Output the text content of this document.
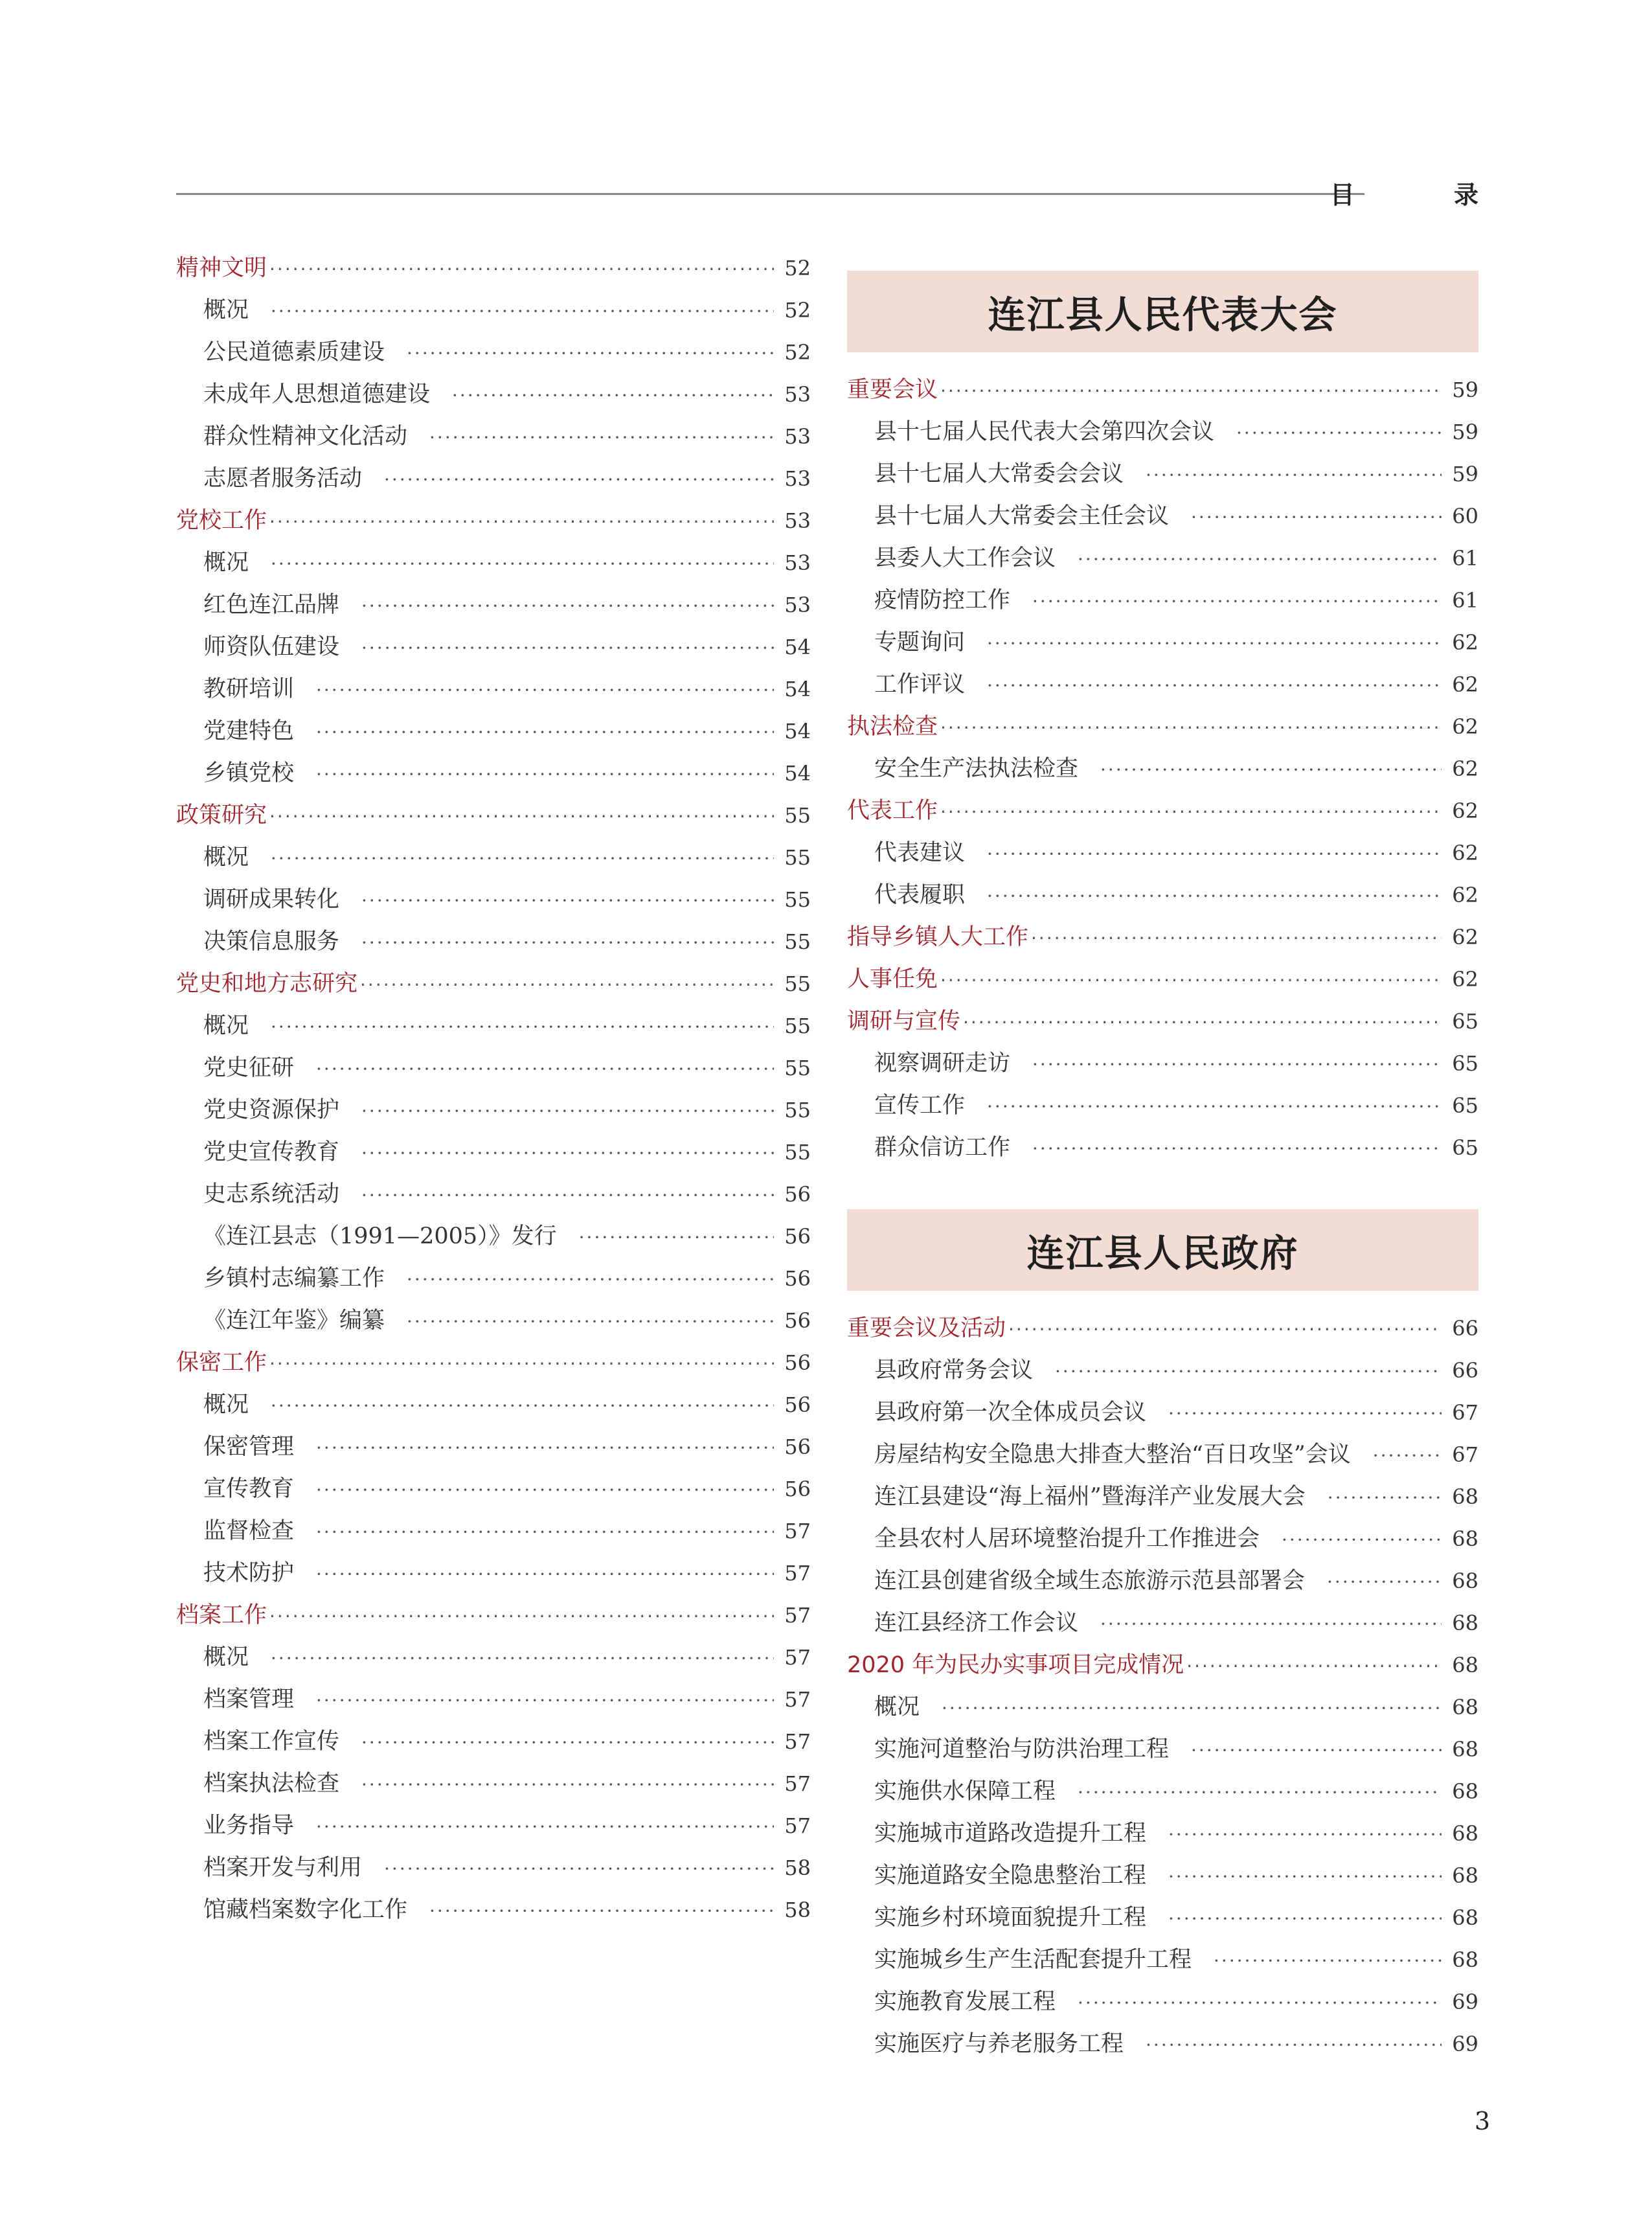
目 录
精神文明 ·····	52
概况 ·····	52
公民道德素质建设 ·····	52
未成年人思想道德建设 ·····	53
群众性精神文化活动 ·····	53
志愿者服务活动 ·····	53
党校工作 ·····	53
概况 ·····	53
红色连江品牌 ·····	53
师资队伍建设 ·····	54
教研培训 ·····	54
党建特色 ·····	54
乡镇党校 ·····	54
政策研究 ·····	55
概况 ·····	55
调研成果转化 ·····	55
决策信息服务 ·····	55
党史和地方志研究 ·····	55
概况 ·····	55
党史征研 ·····	55
党史资源保护 ·····	55
党史宣传教育 ·····	55
史志系统活动 ·····	56
《连江县志（1991—2005）》发行 ·····	56
乡镇村志编纂工作 ·····	56
《连江年鉴》编纂 ·····	56
保密工作 ·····	56
概况 ·····	56
保密管理 ·····	56
宣传教育 ·····	56
监督检查 ·····	57
技术防护 ·····	57
档案工作 ·····	57
概况 ·····	57
档案管理 ·····	57
档案工作宣传 ·····	57
档案执法检查 ·····	57
业务指导 ·····	57
档案开发与利用 ·····	58
馆藏档案数字化工作 ·····	58
连江县人民代表大会
重要会议 ·····	59
县十七届人民代表大会第四次会议 ·····	59
县十七届人大常委会会议 ·····	59
县十七届人大常委会主任会议 ·····	60
县委人大工作会议 ·····	61
疫情防控工作 ·····	61
专题询问 ·····	62
工作评议 ·····	62
执法检查 ·····	62
安全生产法执法检查 ·····	62
代表工作 ·····	62
代表建议 ·····	62
代表履职 ·····	62
指导乡镇人大工作 ·····	62
人事任免 ·····	62
调研与宣传 ·····	65
视察调研走访 ·····	65
宣传工作 ·····	65
群众信访工作 ·····	65
连江县人民政府
重要会议及活动 ·····	66
县政府常务会议 ·····	66
县政府第一次全体成员会议 ·····	67
房屋结构安全隐患大排查大整治“百日攻坚”会议 ·····	67
连江县建设“海上福州”暨海洋产业发展大会 ·····	68
全县农村人居环境整治提升工作推进会 ·····	68
连江县创建省级全域生态旅游示范县部署会 ·····	68
连江县经济工作会议 ·····	68
2020 年为民办实事项目完成情况 ·····	68
概况 ·····	68
实施河道整治与防洪治理工程 ·····	68
实施供水保障工程 ·····	68
实施城市道路改造提升工程 ·····	68
实施道路安全隐患整治工程 ·····	68
实施乡村环境面貌提升工程 ·····	68
实施城乡生产生活配套提升工程 ·····	68
实施教育发展工程 ·····	69
实施医疗与养老服务工程 ·····	69
3
